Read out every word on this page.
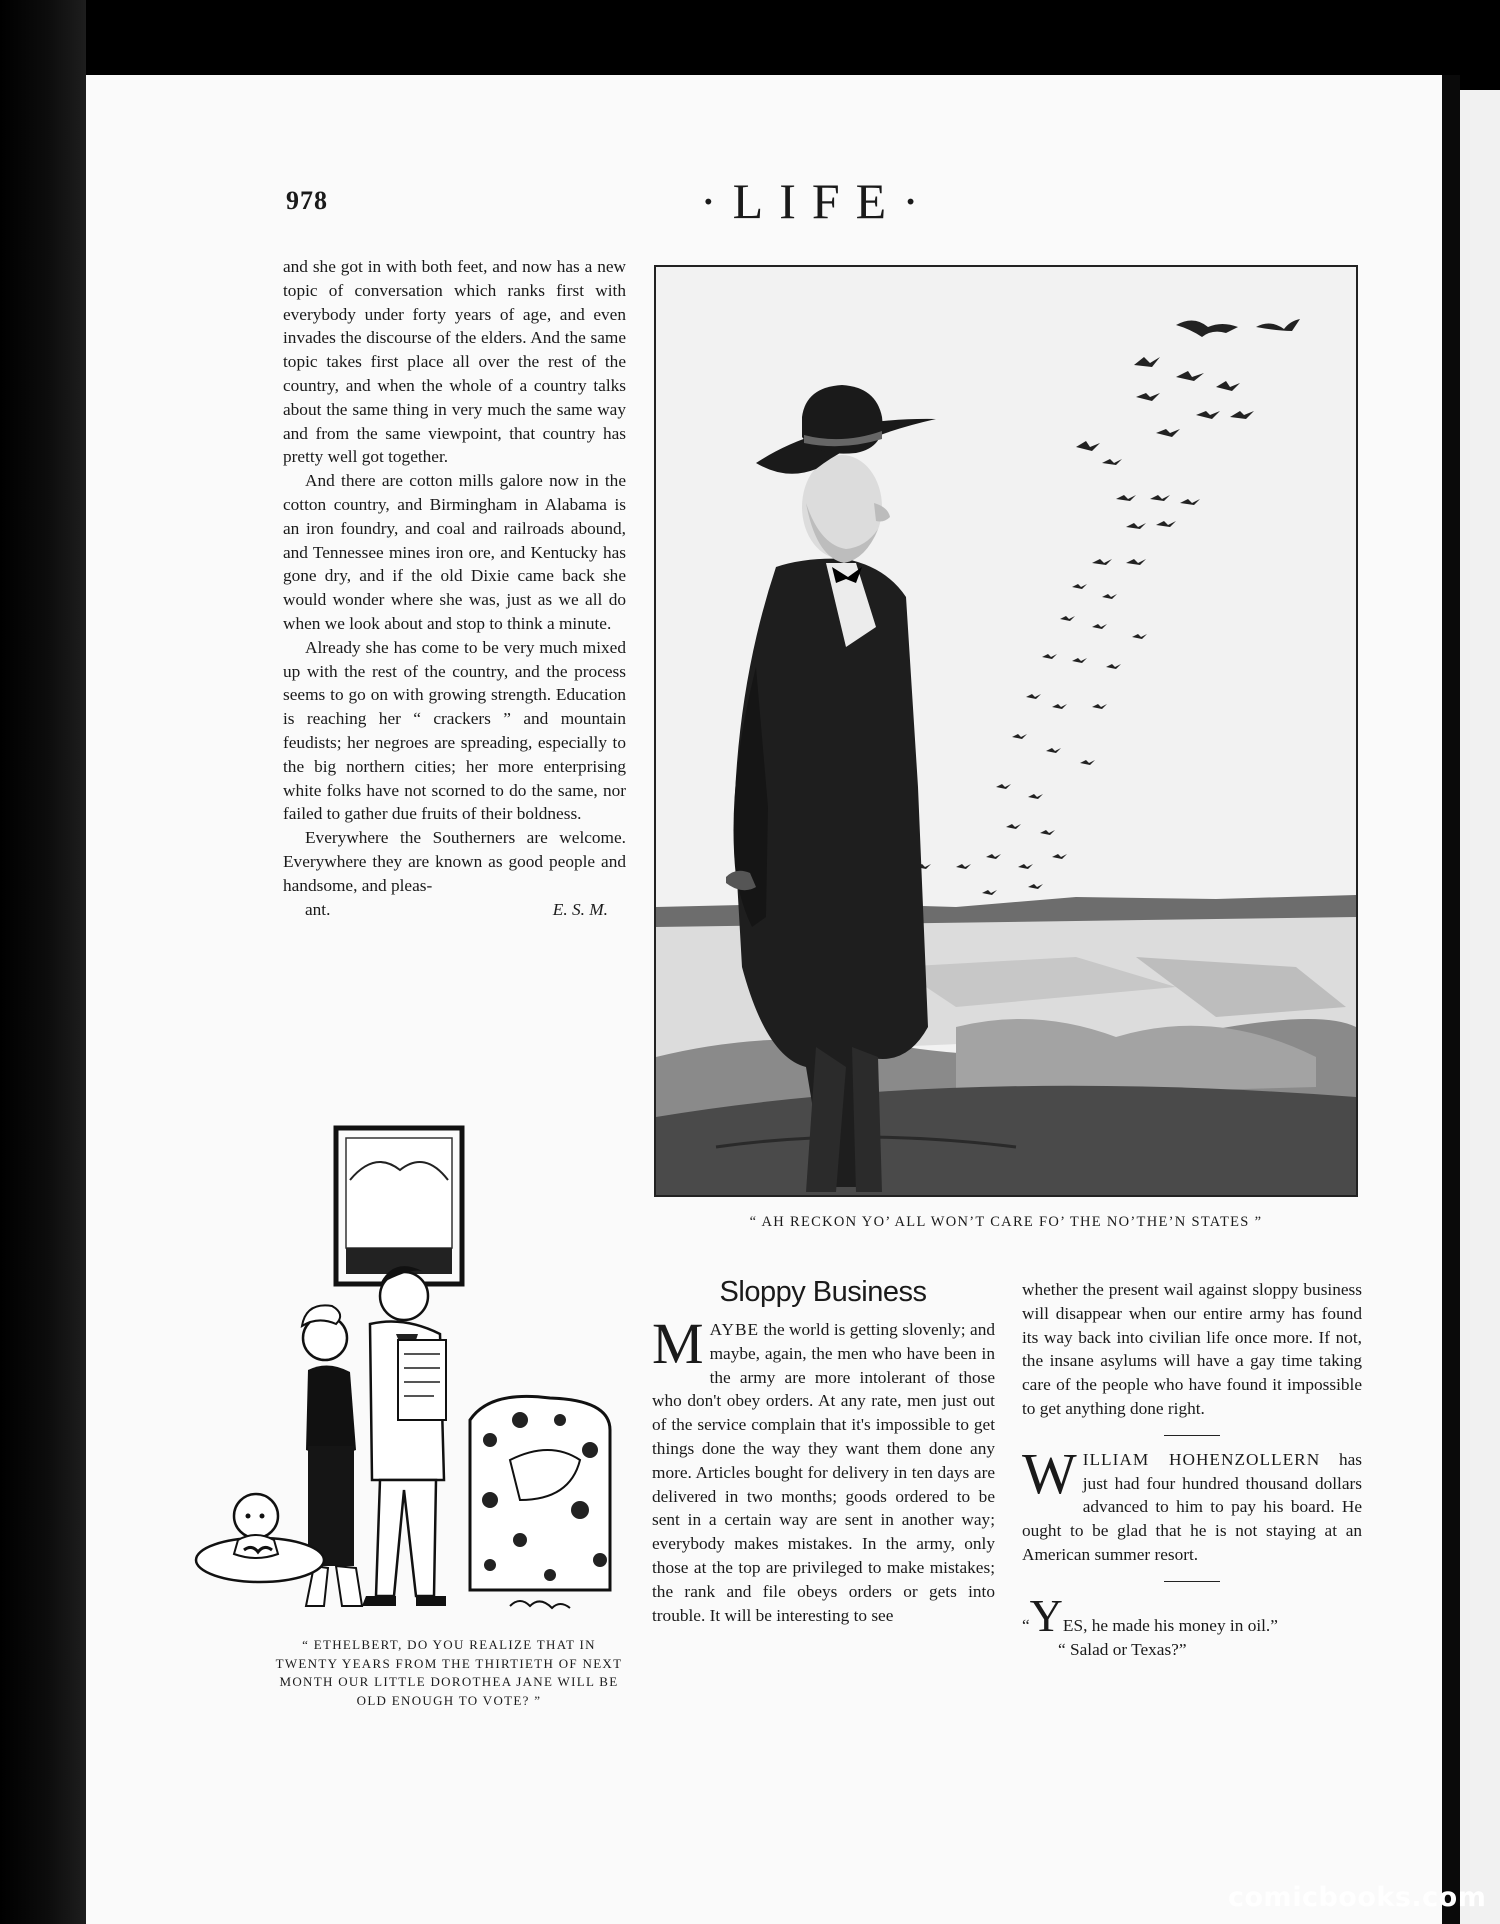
978	·LIFE·

and she got in with both feet, and now has a new topic of conversation which ranks first with everybody under forty years of age, and even invades the discourse of the elders. And the same topic takes first place all over the rest of the country, and when the whole of a country talks about the same thing in very much the same way and from the same viewpoint, that country has pretty well got together.

And there are cotton mills galore now in the cotton country, and Birmingham in Alabama is an iron foundry, and coal and railroads abound, and Tennessee mines iron ore, and Kentucky has gone dry, and if the old Dixie came back she would wonder where she was, just as we all do when we look about and stop to think a minute.

Already she has come to be very much mixed up with the rest of the country, and the process seems to go on with growing strength. Education is reaching her “ crackers ” and mountain feudists; her negroes are spreading, especially to the big northern cities; her more enterprising white folks have not scorned to do the same, nor failed to gather due fruits of their boldness.

Everywhere the Southerners are welcome. Everywhere they are known as good people and handsome, and pleas-

ant.	E. S. M.

“ AH RECKON YO’ ALL WON’T CARE FO’ THE NO’THE’N STATES ”
“ ETHELBERT, DO YOU REALIZE THAT IN TWENTY YEARS FROM THE THIRTIETH OF NEXT MONTH OUR LITTLE DOROTHEA JANE WILL BE OLD ENOUGH TO VOTE? ”
Sloppy Business

MAYBE the world is getting slovenly; and maybe, again, the men who have been in the army are more intolerant of those who don't obey orders. At any rate, men just out of the service complain that it's impossible to get things done the way they want them done any more. Articles bought for delivery in ten days are delivered in two months; goods ordered to be sent in a certain way are sent in another way; everybody makes mistakes. In the army, only those at the top are privileged to make mistakes; the rank and file obeys orders or gets into trouble. It will be interesting to see

whether the present wail against sloppy business will disappear when our entire army has found its way back into civilian life once more. If not, the insane asylums will have a gay time taking care of the people who have found it impossible to get anything done right.

WILLIAM HOHENZOLLERN has just had four hundred thousand dollars advanced to him to pay his board. He ought to be glad that he is not staying at an American summer resort.

“YES, he made his money in oil.”
“ Salad or Texas?”

comicbooks.com
